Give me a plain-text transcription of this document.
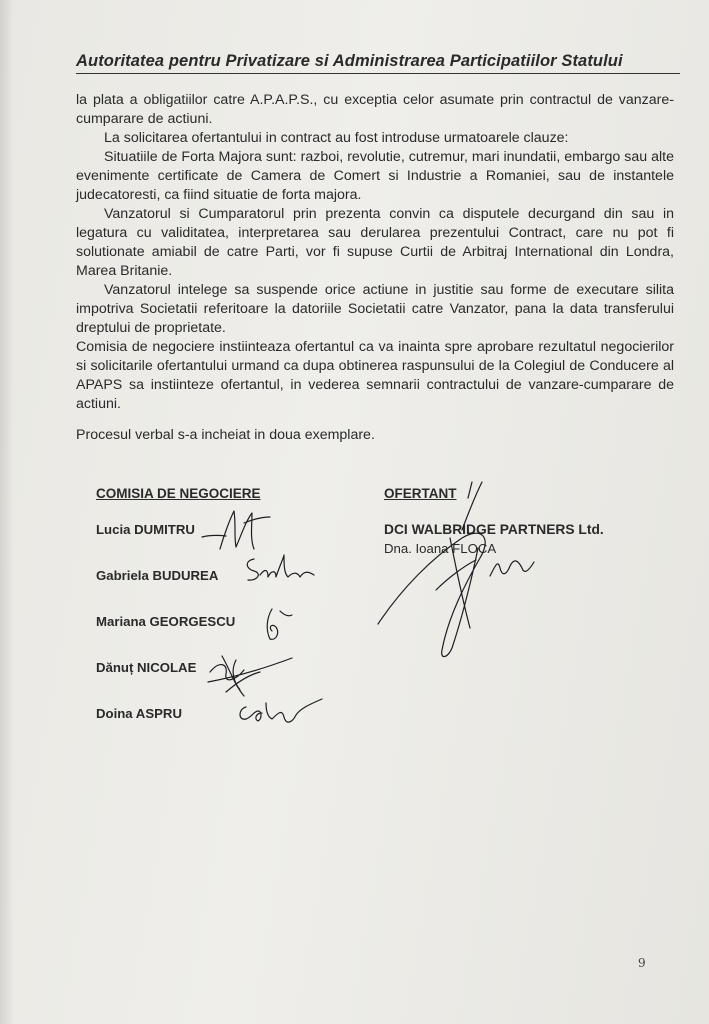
Autoritatea pentru Privatizare si Administrarea Participatiilor Statului

la plata a obligatiilor catre A.P.A.P.S., cu exceptia celor asumate prin contractul de vanzare-cumparare de actiuni.

La solicitarea ofertantului in contract au fost introduse urmatoarele clauze:

Situatiile de Forta Majora sunt: razboi, revolutie, cutremur, mari inundatii, embargo sau alte evenimente certificate de Camera de Comert si Industrie a Romaniei, sau de instantele judecatoresti, ca fiind situatie de forta majora.

Vanzatorul si Cumparatorul prin prezenta convin ca disputele decurgand din sau in legatura cu validitatea, interpretarea sau derularea prezentului Contract, care nu pot fi solutionate amiabil de catre Parti, vor fi supuse Curtii de Arbitraj International din Londra, Marea Britanie.

Vanzatorul intelege sa suspende orice actiune in justitie sau forme de executare silita impotriva Societatii referitoare la datoriile Societatii catre Vanzator, pana la data transferului dreptului de proprietate.

Comisia de negociere instiinteaza ofertantul ca va inainta spre aprobare rezultatul negocierilor si solicitarile ofertantului urmand ca dupa obtinerea raspunsului de la Colegiul de Conducere al APAPS sa instiinteze ofertantul, in vederea semnarii contractului de vanzare-cumparare de actiuni.

Procesul verbal s-a incheiat in doua exemplare.
COMISIA DE NEGOCIERE
Lucia DUMITRU
Gabriela BUDUREA
Mariana GEORGESCU
Dănuț NICOLAE
Doina ASPRU
OFERTANT
DCI WALBRIDGE PARTNERS Ltd.
Dna. Ioana FLOCA
9
